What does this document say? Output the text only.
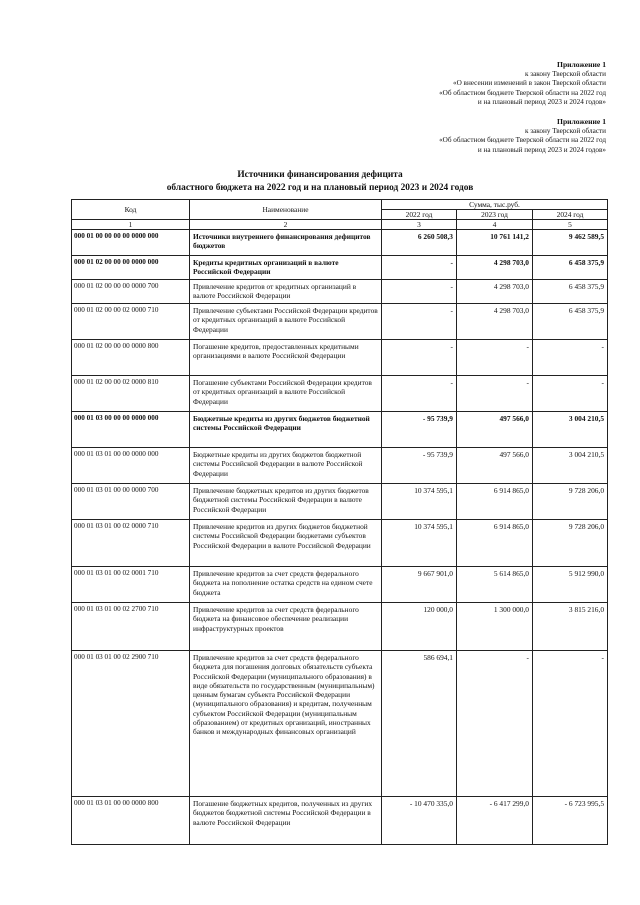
Приложение 1
к закону Тверской области
«О внесении изменений в закон Тверской области
«Об областном бюджете Тверской области на 2022 год
и на плановый период 2023 и 2024 годов»
Приложение 1
к закону Тверской области
«Об областном бюджете Тверской области на 2022 год
и на плановый период 2023 и 2024 годов»
Источники финансирования дефицита
областного бюджета на 2022 год и на плановый период 2023 и 2024 годов
Код	Наименование	Сумма, тыс.руб.		
		2022 год	2023 год	2024 год
1	2	3	4	5
000 01 00 00 00 00 0000 000	Источники внутреннего финансирования дефицитов бюджетов	6 260 508,3	10 761 141,2	9 462 589,5
000 01 02 00 00 00 0000 000	Кредиты кредитных организаций в валюте Российской Федерации	-	4 298 703,0	6 458 375,9
000 01 02 00 00 00 0000 700	Привлечение кредитов от кредитных организаций в валюте Российской Федерации	-	4 298 703,0	6 458 375,9
000 01 02 00 00 02 0000 710	Привлечение субъектами Российской Федерации кредитов от кредитных организаций в валюте Российской Федерации	-	4 298 703,0	6 458 375,9
000 01 02 00 00 00 0000 800	Погашение кредитов, предоставленных кредитными организациями в валюте Российской Федерации	-	-	-
000 01 02 00 00 02 0000 810	Погашение субъектами Российской Федерации кредитов от кредитных организаций в валюте Российской Федерации	-	-	-
000 01 03 00 00 00 0000 000	Бюджетные кредиты из других бюджетов бюджетной системы Российской Федерации	- 95 739,9	497 566,0	3 004 210,5
000 01 03 01 00 00 0000 000	Бюджетные кредиты из других бюджетов бюджетной системы Российской Федерации в валюте Российской Федерации	- 95 739,9	497 566,0	3 004 210,5
000 01 03 01 00 00 0000 700	Привлечение бюджетных кредитов из других бюджетов бюджетной системы Российской Федерации в валюте Российской Федерации	10 374 595,1	6 914 865,0	9 728 206,0
000 01 03 01 00 02 0000 710	Привлечение кредитов из других бюджетов бюджетной системы Российской Федерации бюджетами субъектов Российской Федерации в валюте Российской Федерации	10 374 595,1	6 914 865,0	9 728 206,0
000 01 03 01 00 02 0001 710	Привлечение кредитов за счет средств федерального бюджета на пополнение остатка средств на едином счете бюджета	9 667 901,0	5 614 865,0	5 912 990,0
000 01 03 01 00 02 2700 710	Привлечение кредитов за счет средств федерального бюджета на финансовое обеспечение реализации инфраструктурных проектов	120 000,0	1 300 000,0	3 815 216,0
000 01 03 01 00 02 2900 710	Привлечение кредитов за счет средств федерального бюджета для погашения долговых обязательств субъекта Российской Федерации (муниципального образования) в виде обязательств по государственным (муниципальным) ценным бумагам субъекта Российской Федерации (муниципального образования) и кредитам, полученным субъектом Российской Федерации (муниципальным образованием) от кредитных организаций, иностранных банков и международных финансовых организаций	586 694,1	-	-
000 01 03 01 00 00 0000 800	Погашение бюджетных кредитов, полученных из других бюджетов бюджетной системы Российской Федерации в валюте Российской Федерации	- 10 470 335,0	- 6 417 299,0	- 6 723 995,5
